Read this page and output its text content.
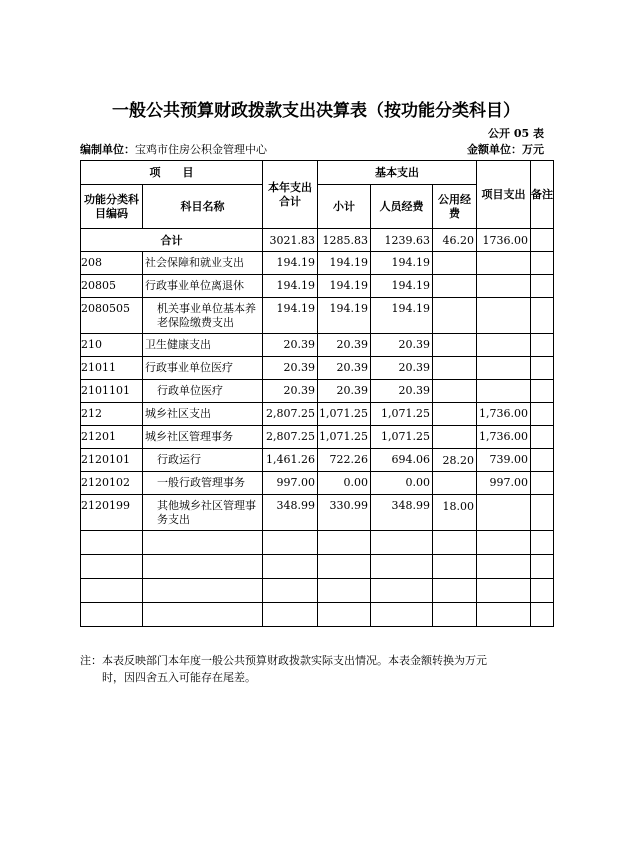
一般公共预算财政拨款支出决算表（按功能分类科目）
公开 05 表
编制单位：宝鸡市住房公积金管理中心	金额单位：万元
项　　目		本年支出合计	基本支出			项目支出	备注
功能分类科目编码	科目名称		小计	人员经费	公用经费		
合计		3021.83	1285.83	1239.63	46.20	1736.00	
208	社会保障和就业支出	194.19	194.19	194.19			
20805	行政事业单位离退休	194.19	194.19	194.19			
2080505	机关事业单位基本养老保险缴费支出	194.19	194.19	194.19			
210	卫生健康支出	20.39	20.39	20.39			
21011	行政事业单位医疗	20.39	20.39	20.39			
2101101	行政单位医疗	20.39	20.39	20.39			
212	城乡社区支出	2,807.25	1,071.25	1,071.25		1,736.00	
21201	城乡社区管理事务	2,807.25	1,071.25	1,071.25		1,736.00	
2120101	行政运行	1,461.26	722.26	694.06	28.20	739.00	
2120102	一般行政管理事务	997.00	0.00	0.00		997.00	
2120199	其他城乡社区管理事务支出	348.99	330.99	348.99	18.00		

注：本表反映部门本年度一般公共预算财政拨款实际支出情况。本表金额转换为万元
时，因四舍五入可能存在尾差。
